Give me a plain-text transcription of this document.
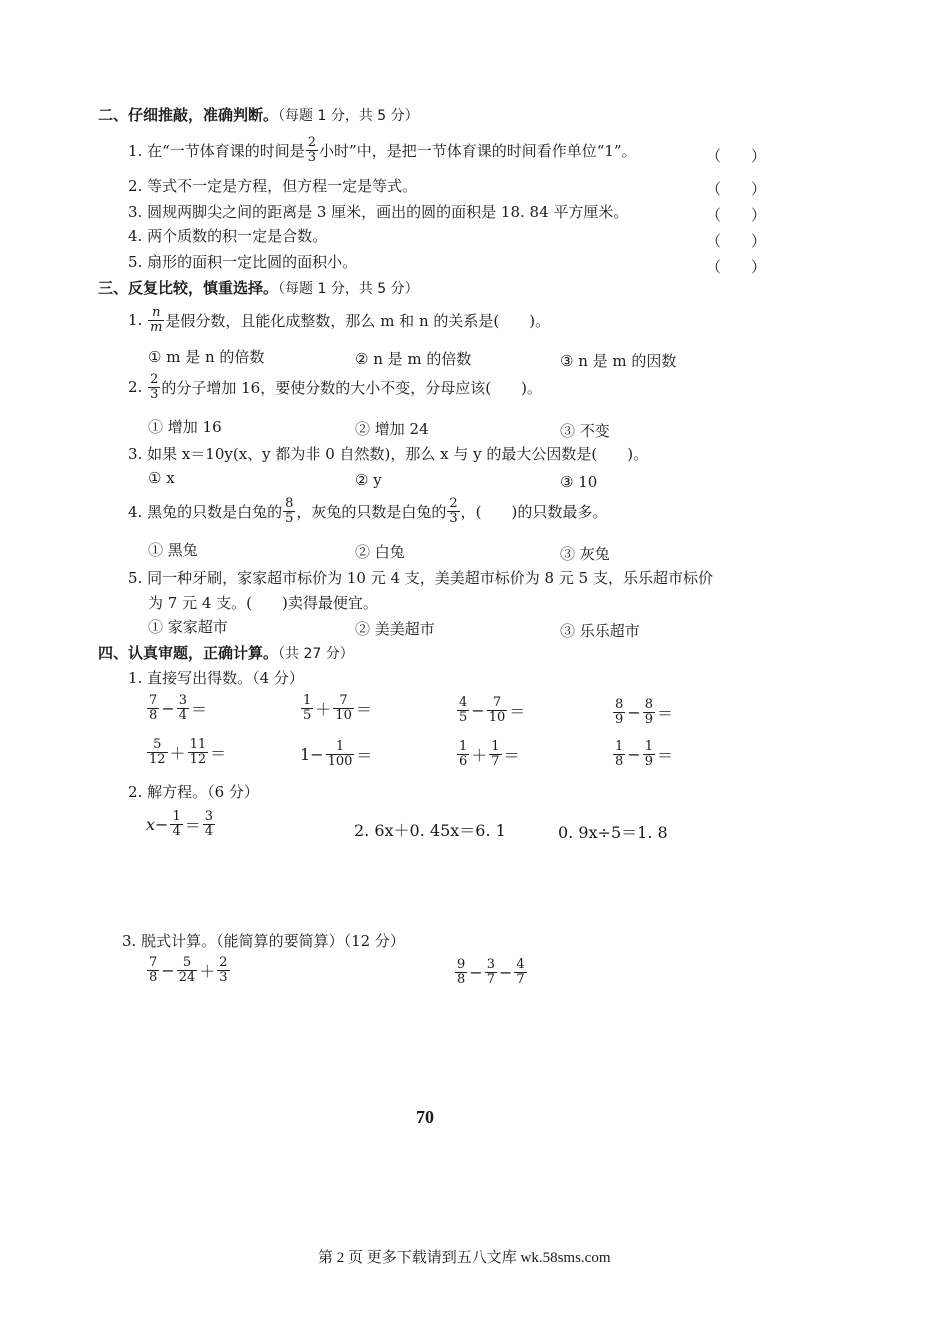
二、仔细推敲，准确判断。（每题 1 分，共 5 分）
1. 在“一节体育课的时间是 $\frac{2}{3}$ 小时”中，是把一节体育课的时间看作单位“1”。	（　　）
2. 等式不一定是方程，但方程一定是等式。	（　　）
3. 圆规两脚尖之间的距离是 3 厘米，画出的圆的面积是 18. 84 平方厘米。	（　　）
4. 两个质数的积一定是合数。	（　　）
5. 扇形的面积一定比圆的面积小。	（　　）
三、反复比较，慎重选择。（每题 1 分，共 5 分）
1.
$\frac{n}{m}$ 是假分数，且能化成整数，那么 m 和 n 的关系是(　　)。
① m 是 n 的倍数	② n 是 m 的倍数	③ n 是 m 的因数
2.
$\frac{2}{3}$ 的分子增加 16，要使分数的大小不变，分母应该(　　)。
① 增加 16	② 增加 24	③ 不变
3. 如果 x＝10y(x、y 都为非 0 自然数)，那么 x 与 y 的最大公因数是(　　)。
① x	② y	③ 10
4. 黑兔的只数是白兔的 $\frac{8}{5}$ ，灰兔的只数是白兔的 $\frac{2}{3}$ ，(　　)的只数最多。
① 黑兔	② 白兔	③ 灰兔
5. 同一种牙刷，家家超市标价为 10 元 4 支，美美超市标价为 8 元 5 支，乐乐超市标价
为 7 元 4 支。(　　)卖得最便宜。
① 家家超市	② 美美超市	③ 乐乐超市
四、认真审题，正确计算。（共 27 分）
1. 直接写出得数。（4 分）
$\frac{7}{8} - \frac{3}{4}$ ＝	$\frac{1}{5} + \frac{7}{10}$ ＝	$\frac{4}{5} - \frac{7}{10}$ ＝	$\frac{8}{9} - \frac{8}{9}$ ＝
$\frac{5}{12} + \frac{11}{12}$ ＝	$1- \frac{1}{100}$ ＝	$\frac{1}{6} + \frac{1}{7}$ ＝	$\frac{1}{8} - \frac{1}{9}$ ＝
2. 解方程。（6 分）
$x- \frac{1}{4} = \frac{3}{4}$	2. 6x＋0. 45x＝6. 1	0. 9x÷5＝1. 8
3. 脱式计算。（能简算的要简算）（12 分）
$\frac{7}{8} - \frac{5}{24} + \frac{2}{3}$	$\frac{9}{8} - \frac{3}{7} - \frac{4}{7}$
70
第 2 页 更多下载请到五八文库 wk.58sms.com
